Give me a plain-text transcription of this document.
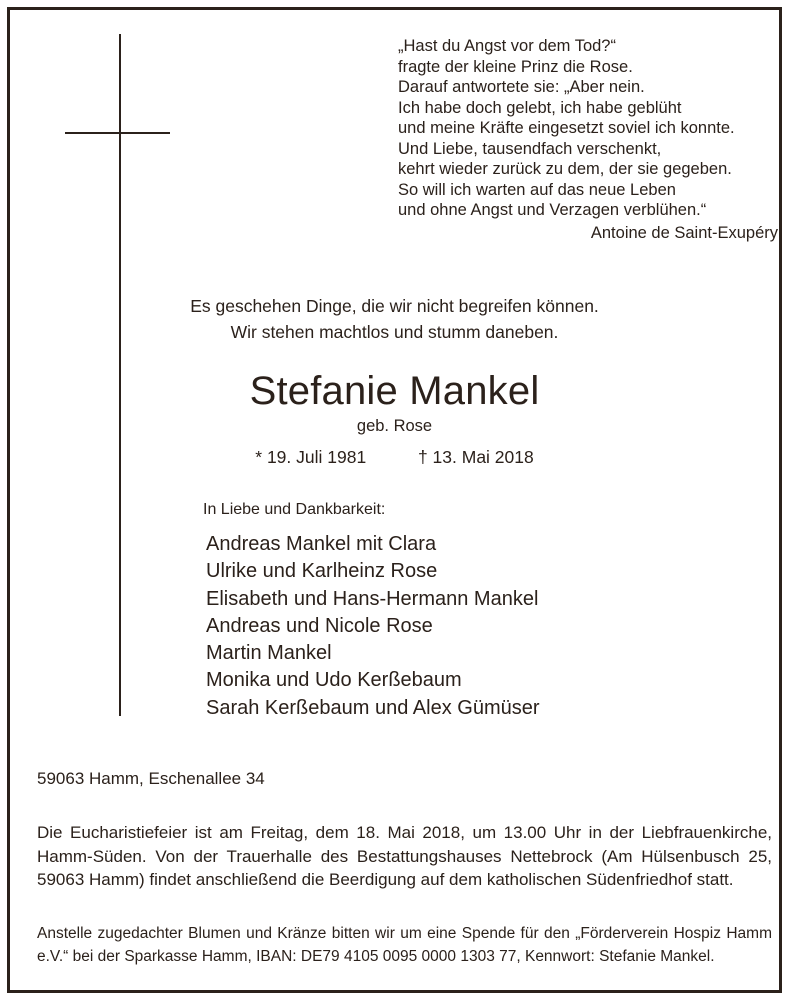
„Hast du Angst vor dem Tod?“
fragte der kleine Prinz die Rose.
Darauf antwortete sie: „Aber nein.
Ich habe doch gelebt, ich habe geblüht
und meine Kräfte eingesetzt soviel ich konnte.
Und Liebe, tausendfach verschenkt,
kehrt wieder zurück zu dem, der sie gegeben.
So will ich warten auf das neue Leben
und ohne Angst und Verzagen verblühen.“
Antoine de Saint-Exupéry
Es geschehen Dinge, die wir nicht begreifen können.
Wir stehen machtlos und stumm daneben.
Stefanie Mankel
geb. Rose
* 19. Juli 1981	† 13. Mai 2018
In Liebe und Dankbarkeit:
Andreas Mankel mit Clara
Ulrike und Karlheinz Rose
Elisabeth und Hans-Hermann Mankel
Andreas und Nicole Rose
Martin Mankel
Monika und Udo Kerßebaum
Sarah Kerßebaum und Alex Gümüser
59063 Hamm, Eschenallee 34
Die Eucharistiefeier ist am Freitag, dem 18. Mai 2018, um 13.00 Uhr in der Liebfrauenkirche, Hamm-Süden. Von der Trauerhalle des Bestattungshauses Nettebrock (Am Hülsenbusch 25, 59063 Hamm) findet anschließend die Beerdigung auf dem katholischen Südenfriedhof statt.
Anstelle zugedachter Blumen und Kränze bitten wir um eine Spende für den „Förderverein Hospiz Hamm e.V.“ bei der Sparkasse Hamm, IBAN: DE79 4105 0095 0000 1303 77, Kennwort: Stefanie Mankel.
